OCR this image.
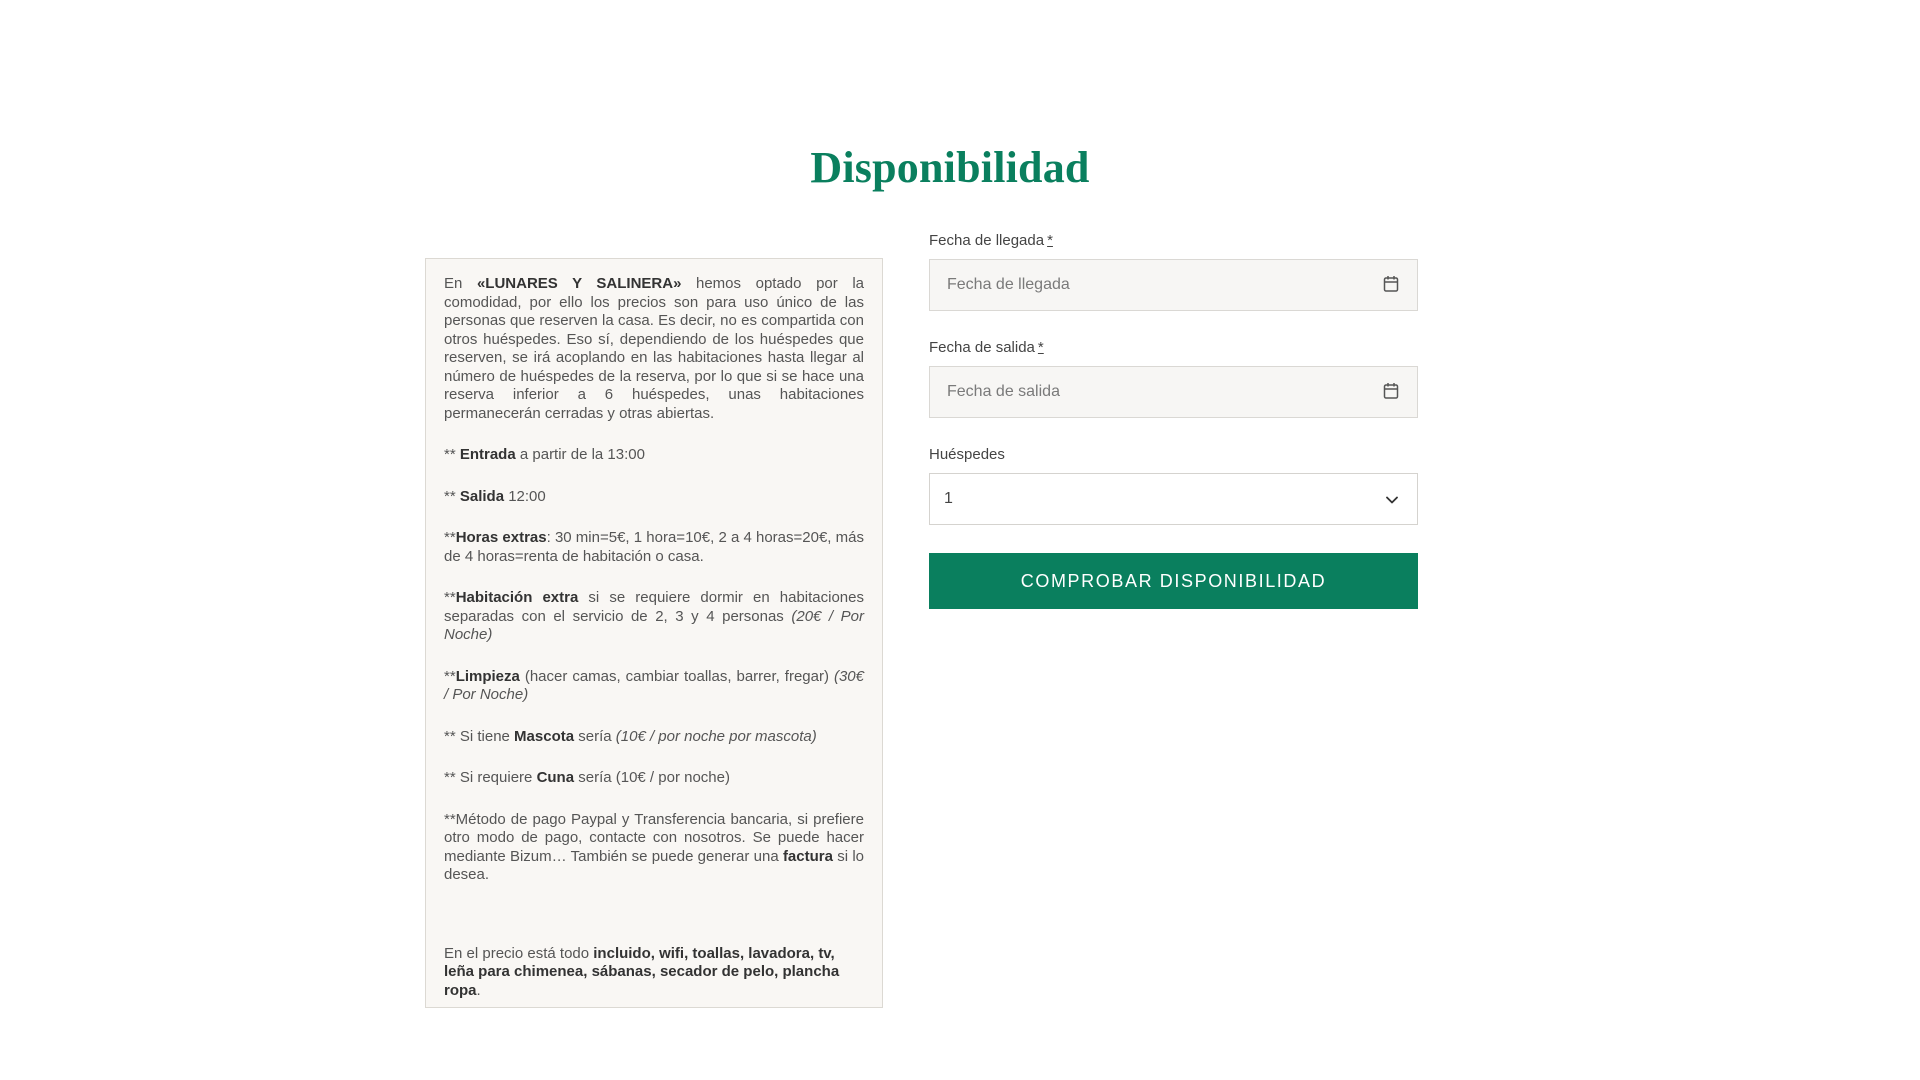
Disponibilidad

En «LUNARES Y SALINERA» hemos optado por la comodidad, por ello los precios son para uso único de las personas que reserven la casa. Es decir, no es compartida con otros huéspedes. Eso sí, dependiendo de los huéspedes que reserven, se irá acoplando en las habitaciones hasta llegar al número de huéspedes de la reserva, por lo que si se hace una reserva inferior a 6 huéspedes, unas habitaciones permanecerán cerradas y otras abiertas.

** Entrada a partir de la 13:00

** Salida 12:00

**Horas extras: 30 min=5€, 1 hora=10€, 2 a 4 horas=20€, más de 4 horas=renta de habitación o casa.

**Habitación extra si se requiere dormir en habitaciones separadas con el servicio de 2, 3 y 4 personas (20€ / Por Noche)

**Limpieza (hacer camas, cambiar toallas, barrer, fregar) (30€ / Por Noche)

** Si tiene Mascota sería (10€ / por noche por mascota)

** Si requiere Cuna sería (10€ / por noche)

**Método de pago Paypal y Transferencia bancaria, si prefiere otro modo de pago, contacte con nosotros. Se puede hacer mediante Bizum… También se puede generar una factura si lo desea.

En el precio está todo incluido, wifi, toallas, lavadora, tv, leña para chimenea, sábanas, secador de pelo, plancha ropa.

Fecha de llegada *
Fecha de llegada
Fecha de salida *
Fecha de salida
Huéspedes
1
COMPROBAR DISPONIBILIDAD
